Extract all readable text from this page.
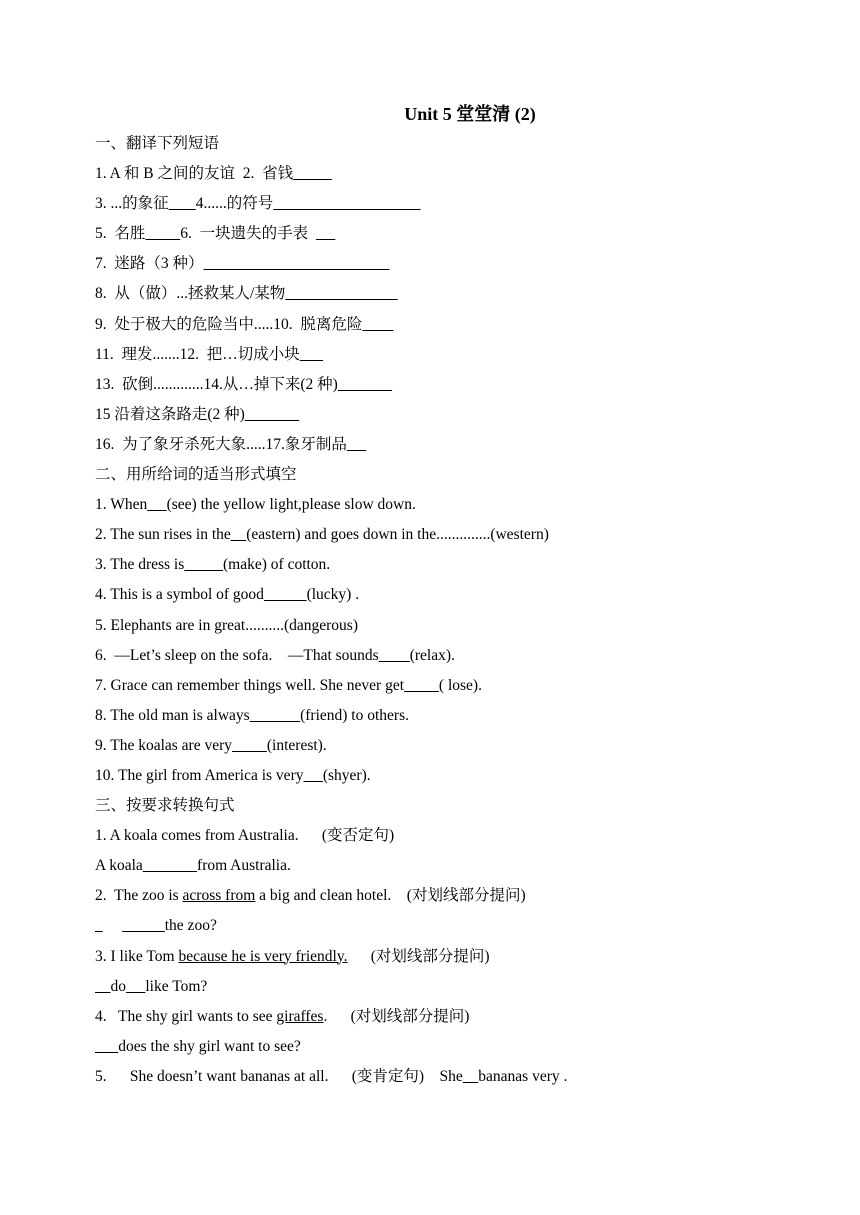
Unit 5 堂堂清 (2)
一、翻译下列短语
1. A 和 B 之间的友谊  2.  省钱
3. ...的象征 4......的符号
5.  名胜 6.  一块遗失的手表
7.  迷路（3 种）
8.  从（做）...拯救某人/某物
9.  处于极大的危险当中.....10.  脱离危险
11.  理发.......12.  把…切成小块
13.  砍倒.............14.从…掉下来(2 种)
15 沿着这条路走(2 种)
16.  为了象牙杀死大象.....17.象牙制品
二、用所给词的适当形式填空
1. When (see) the yellow light,please slow down.
2. The sun rises in the (eastern) and goes down in the..............(western)
3. The dress is	(make) of cotton.
4. This is a symbol of good	(lucky) .
5. Elephants are in great..........(dangerous)
6.  —Let’s sleep on the sofa.    —That sounds (relax).
7. Grace can remember things well. She never get ( lose).
8. The old man is always	(friend) to others.
9. The koalas are very (interest).
10. The girl from America is very (shyer).
三、按要求转换句式
1. A koala comes from Australia.      (变否定句)
A koala	from Australia.
2.  The zoo is across from a big and clean hotel.    (对划线部分提问)
the zoo?
3. I like Tom because he is very friendly.      (对划线部分提问)
do like Tom?
4.   The shy girl wants to see giraffes.      (对划线部分提问)
does the shy girl want to see?
5.      She doesn’t want bananas at all.      (变肯定句)    She bananas very .
